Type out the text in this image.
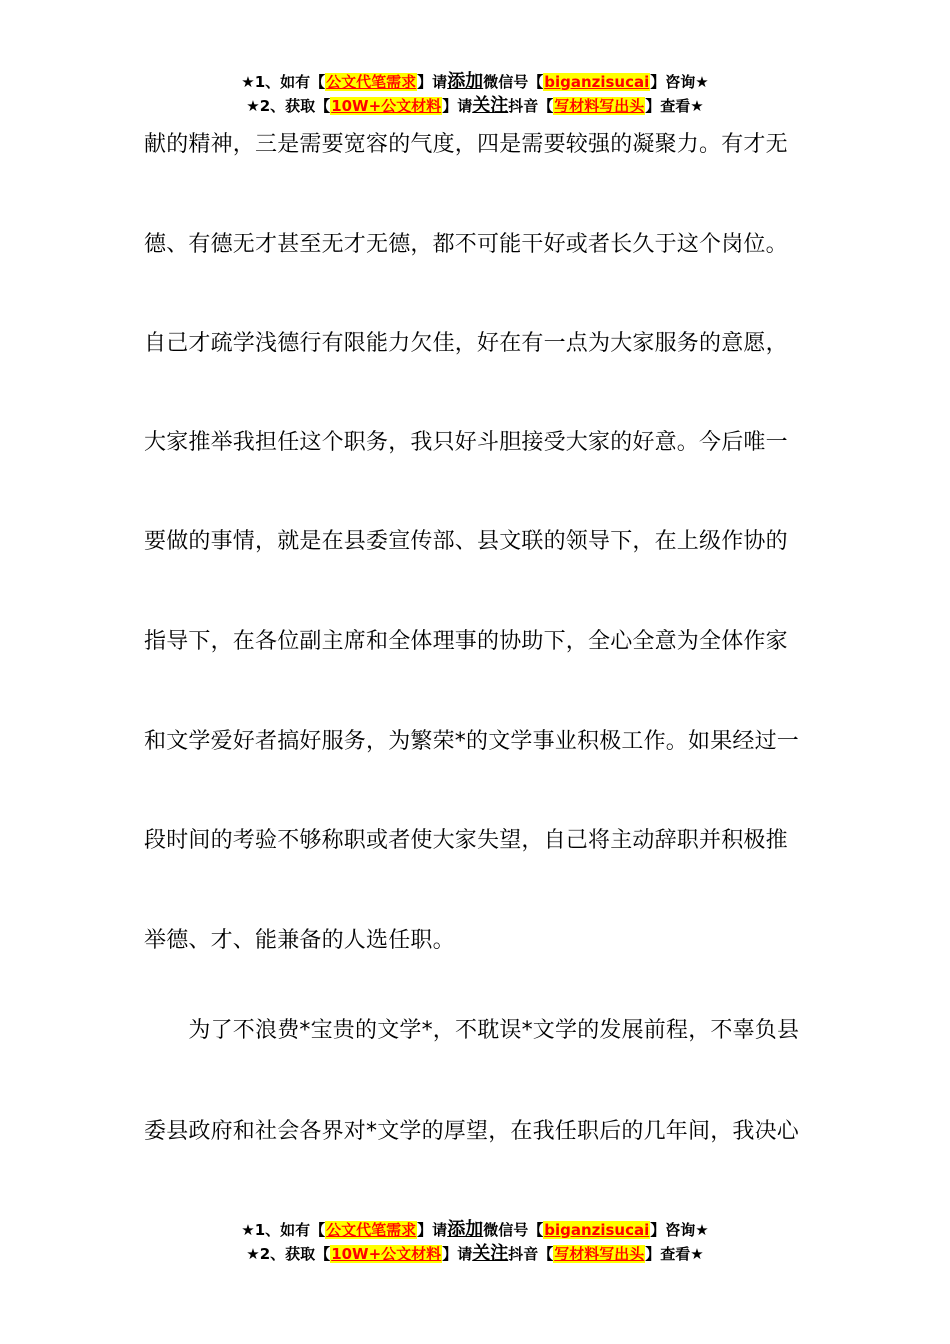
★1、如有【公文代笔需求】请添加微信号【biganzisucai】咨询★
★2、获取【10W+公文材料】请关注抖音【写材料写出头】查看★
献的精神，三是需要宽容的气度，四是需要较强的凝聚力。有才无
德、有德无才甚至无才无德，都不可能干好或者长久于这个岗位。
自己才疏学浅德行有限能力欠佳，好在有一点为大家服务的意愿，
大家推举我担任这个职务，我只好斗胆接受大家的好意。今后唯一
要做的事情，就是在县委宣传部、县文联的领导下，在上级作协的
指导下，在各位副主席和全体理事的协助下，全心全意为全体作家
和文学爱好者搞好服务，为繁荣*的文学事业积极工作。如果经过一
段时间的考验不够称职或者使大家失望，自己将主动辞职并积极推
举德、才、能兼备的人选任职。
　　为了不浪费*宝贵的文学*，不耽误*文学的发展前程，不辜负县
委县政府和社会各界对*文学的厚望，在我任职后的几年间，我决心
★1、如有【公文代笔需求】请添加微信号【biganzisucai】咨询★
★2、获取【10W+公文材料】请关注抖音【写材料写出头】查看★
